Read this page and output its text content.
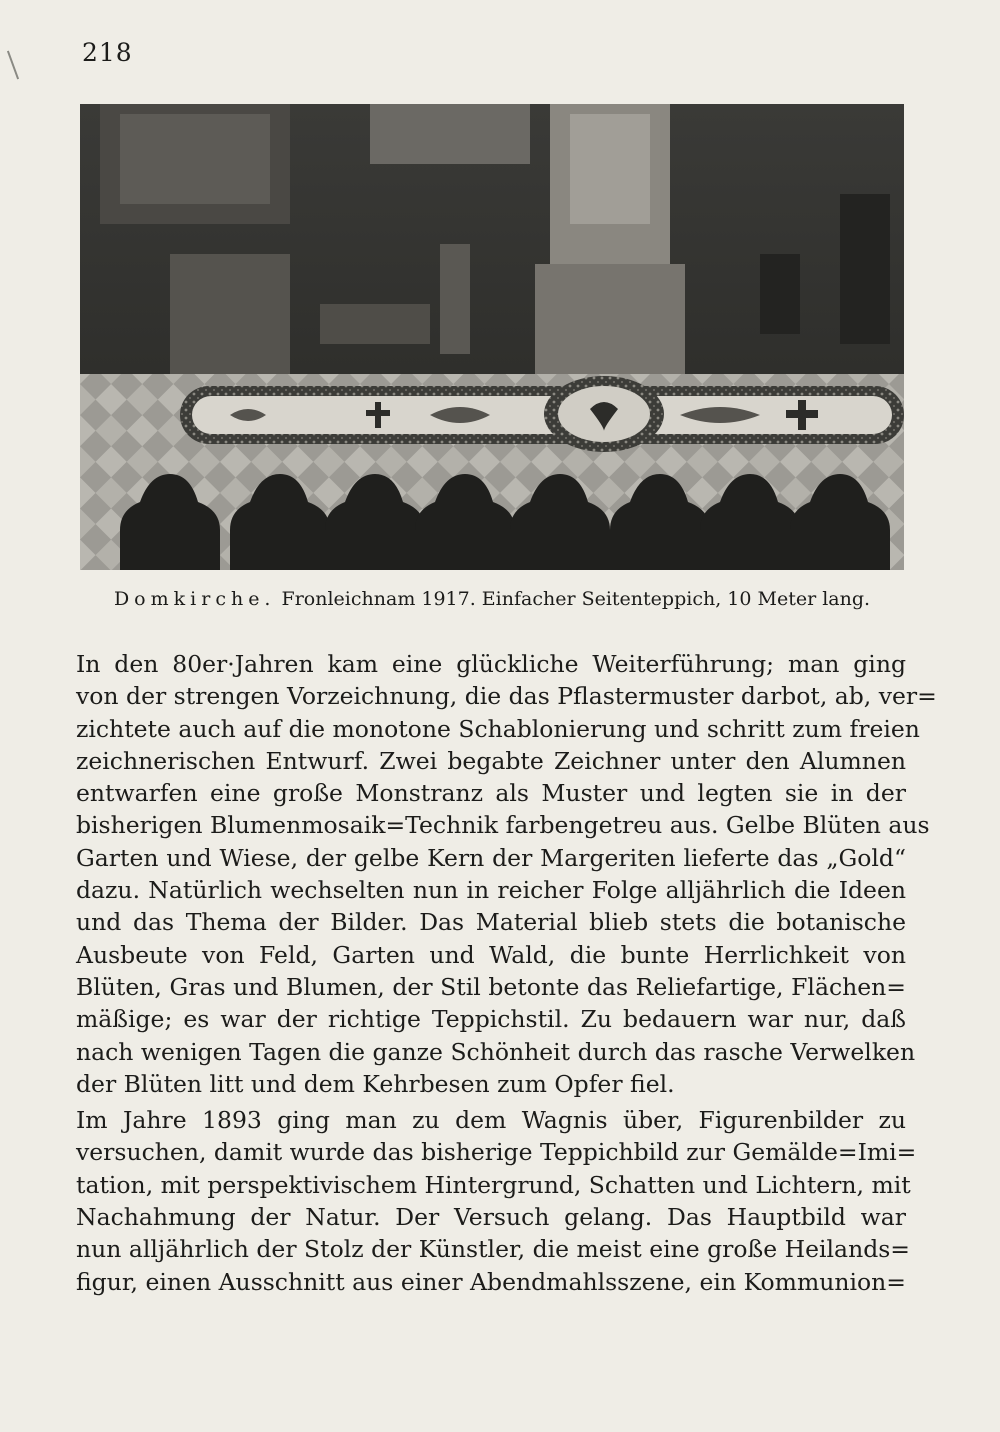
218
Domkirche. Fronleichnam 1917. Einfacher Seitenteppich, 10 Meter lang.
In den 80er·Jahren kam eine glückliche Weiterführung; man ging
von der strengen Vorzeichnung, die das Pflastermuster darbot, ab, ver=
zichtete auch auf die monotone Schablonierung und schritt zum freien
zeichnerischen Entwurf. Zwei begabte Zeichner unter den Alumnen
entwarfen eine große Monstranz als Muster und legten sie in der
bisherigen Blumenmosaik=Technik farbengetreu aus. Gelbe Blüten aus
Garten und Wiese, der gelbe Kern der Margeriten lieferte das „Gold“
dazu. Natürlich wechselten nun in reicher Folge alljährlich die Ideen
und das Thema der Bilder. Das Material blieb stets die botanische
Ausbeute von Feld, Garten und Wald, die bunte Herrlichkeit von
Blüten, Gras und Blumen, der Stil betonte das Reliefartige, Flächen=
mäßige; es war der richtige Teppichstil. Zu bedauern war nur, daß
nach wenigen Tagen die ganze Schönheit durch das rasche Verwelken
der Blüten litt und dem Kehrbesen zum Opfer fiel.
Im Jahre 1893 ging man zu dem Wagnis über, Figurenbilder zu
versuchen, damit wurde das bisherige Teppichbild zur Gemälde=Imi=
tation, mit perspektivischem Hintergrund, Schatten und Lichtern, mit
Nachahmung der Natur. Der Versuch gelang. Das Hauptbild war
nun alljährlich der Stolz der Künstler, die meist eine große Heilands=
figur, einen Ausschnitt aus einer Abendmahlsszene, ein Kommunion=
